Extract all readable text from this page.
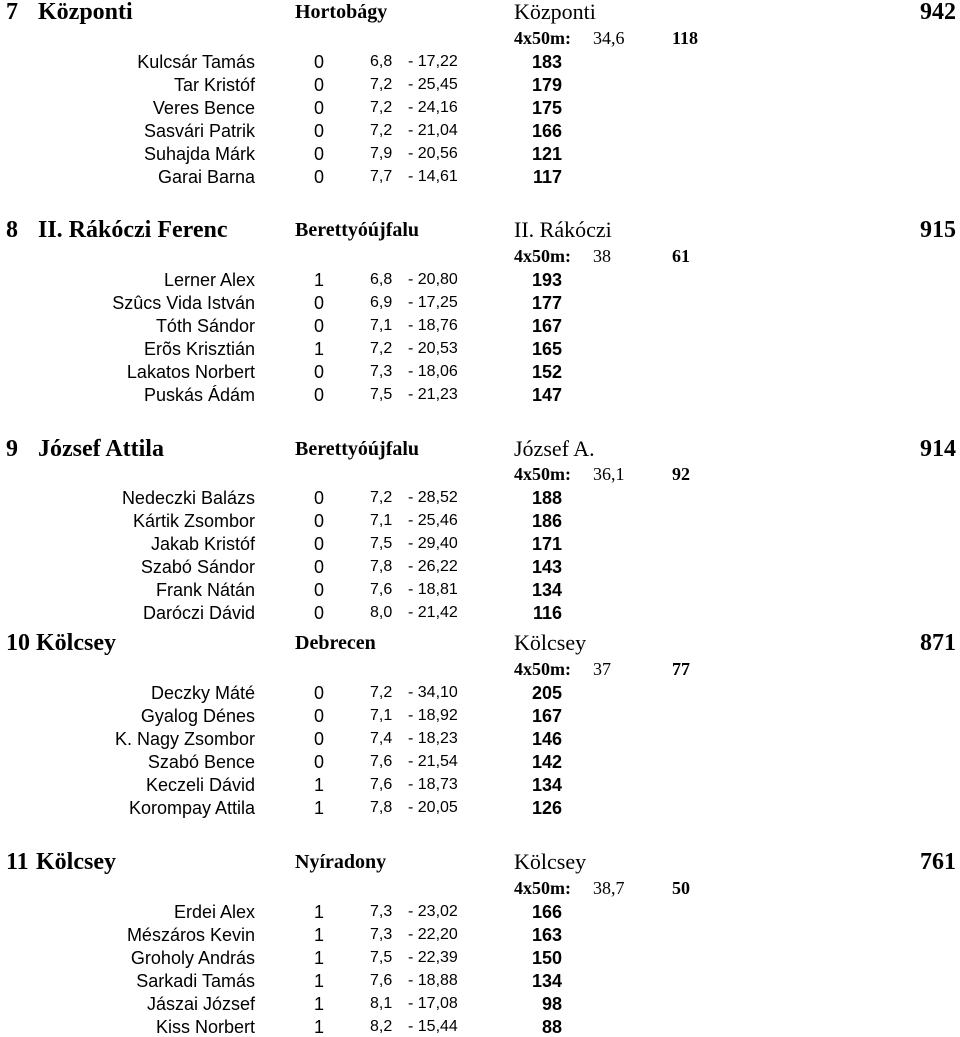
7 Központi	Hortobágy	Központi	942
4x50m: 34,6	118
Kulcsár Tamás	0	6,8 - 17,22	183
Tar Kristóf	0	7,2 - 25,45	179
Veres Bence	0	7,2 - 24,16	175
Sasvári Patrik	0	7,2 - 21,04	166
Suhajda Márk	0	7,9 - 20,56	121
Garai Barna	0	7,7 - 14,61	117
8 II. Rákóczi Ferenc	Berettyóújfalu	II. Rákóczi	915
4x50m: 38	61
Lerner Alex	1	6,8 - 20,80	193
Szûcs Vida István	0	6,9 - 17,25	177
Tóth Sándor	0	7,1 - 18,76	167
Erõs Krisztián	1	7,2 - 20,53	165
Lakatos Norbert	0	7,3 - 18,06	152
Puskás Ádám	0	7,5 - 21,23	147
9 József Attila	Berettyóújfalu	József A.	914
4x50m: 36,1	92
Nedeczki Balázs	0	7,2 - 28,52	188
Kártik Zsombor	0	7,1 - 25,46	186
Jakab Kristóf	0	7,5 - 29,40	171
Szabó Sándor	0	7,8 - 26,22	143
Frank Nátán	0	7,6 - 18,81	134
Daróczi Dávid	0	8,0 - 21,42	116
10 Kölcsey	Debrecen	Kölcsey	871
4x50m: 37	77
Deczky Máté	0	7,2 - 34,10	205
Gyalog Dénes	0	7,1 - 18,92	167
K. Nagy Zsombor	0	7,4 - 18,23	146
Szabó Bence	0	7,6 - 21,54	142
Keczeli Dávid	1	7,6 - 18,73	134
Korompay Attila	1	7,8 - 20,05	126
11 Kölcsey	Nyíradony	Kölcsey	761
4x50m: 38,7	50
Erdei Alex	1	7,3 - 23,02	166
Mészáros Kevin	1	7,3 - 22,20	163
Groholy András	1	7,5 - 22,39	150
Sarkadi Tamás	1	7,6 - 18,88	134
Jászai József	1	8,1 - 17,08	98
Kiss Norbert	1	8,2 - 15,44	88
